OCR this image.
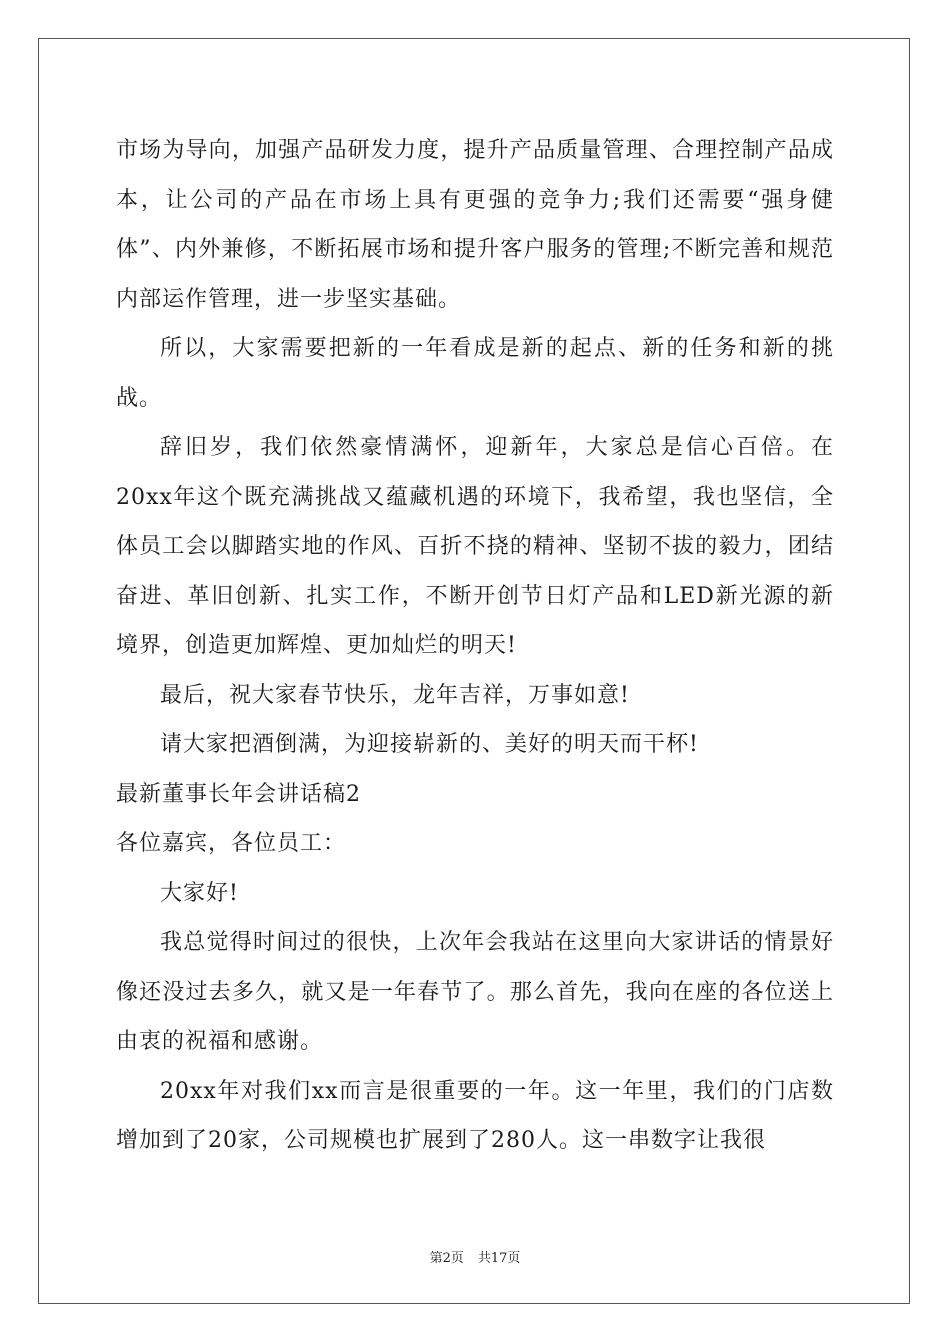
市场为导向，加强产品研发力度，提升产品质量管理、合理控制产品成本，让公司的产品在市场上具有更强的竞争力;我们还需要“强身健体”、内外兼修，不断拓展市场和提升客户服务的管理;不断完善和规范内部运作管理，进一步坚实基础。

所以，大家需要把新的一年看成是新的起点、新的任务和新的挑战。

辞旧岁，我们依然豪情满怀，迎新年，大家总是信心百倍。在20xx年这个既充满挑战又蕴藏机遇的环境下，我希望，我也坚信，全体员工会以脚踏实地的作风、百折不挠的精神、坚韧不拔的毅力，团结奋进、革旧创新、扎实工作，不断开创节日灯产品和LED新光源的新境界，创造更加辉煌、更加灿烂的明天!

最后，祝大家春节快乐，龙年吉祥，万事如意!

请大家把酒倒满，为迎接崭新的、美好的明天而干杯!

最新董事长年会讲话稿2

各位嘉宾，各位员工：

大家好!

我总觉得时间过的很快，上次年会我站在这里向大家讲话的情景好像还没过去多久，就又是一年春节了。那么首先，我向在座的各位送上由衷的祝福和感谢。

20xx年对我们xx而言是很重要的一年。这一年里，我们的门店数增加到了20家，公司规模也扩展到了280人。这一串数字让我很

第2页 共17页
